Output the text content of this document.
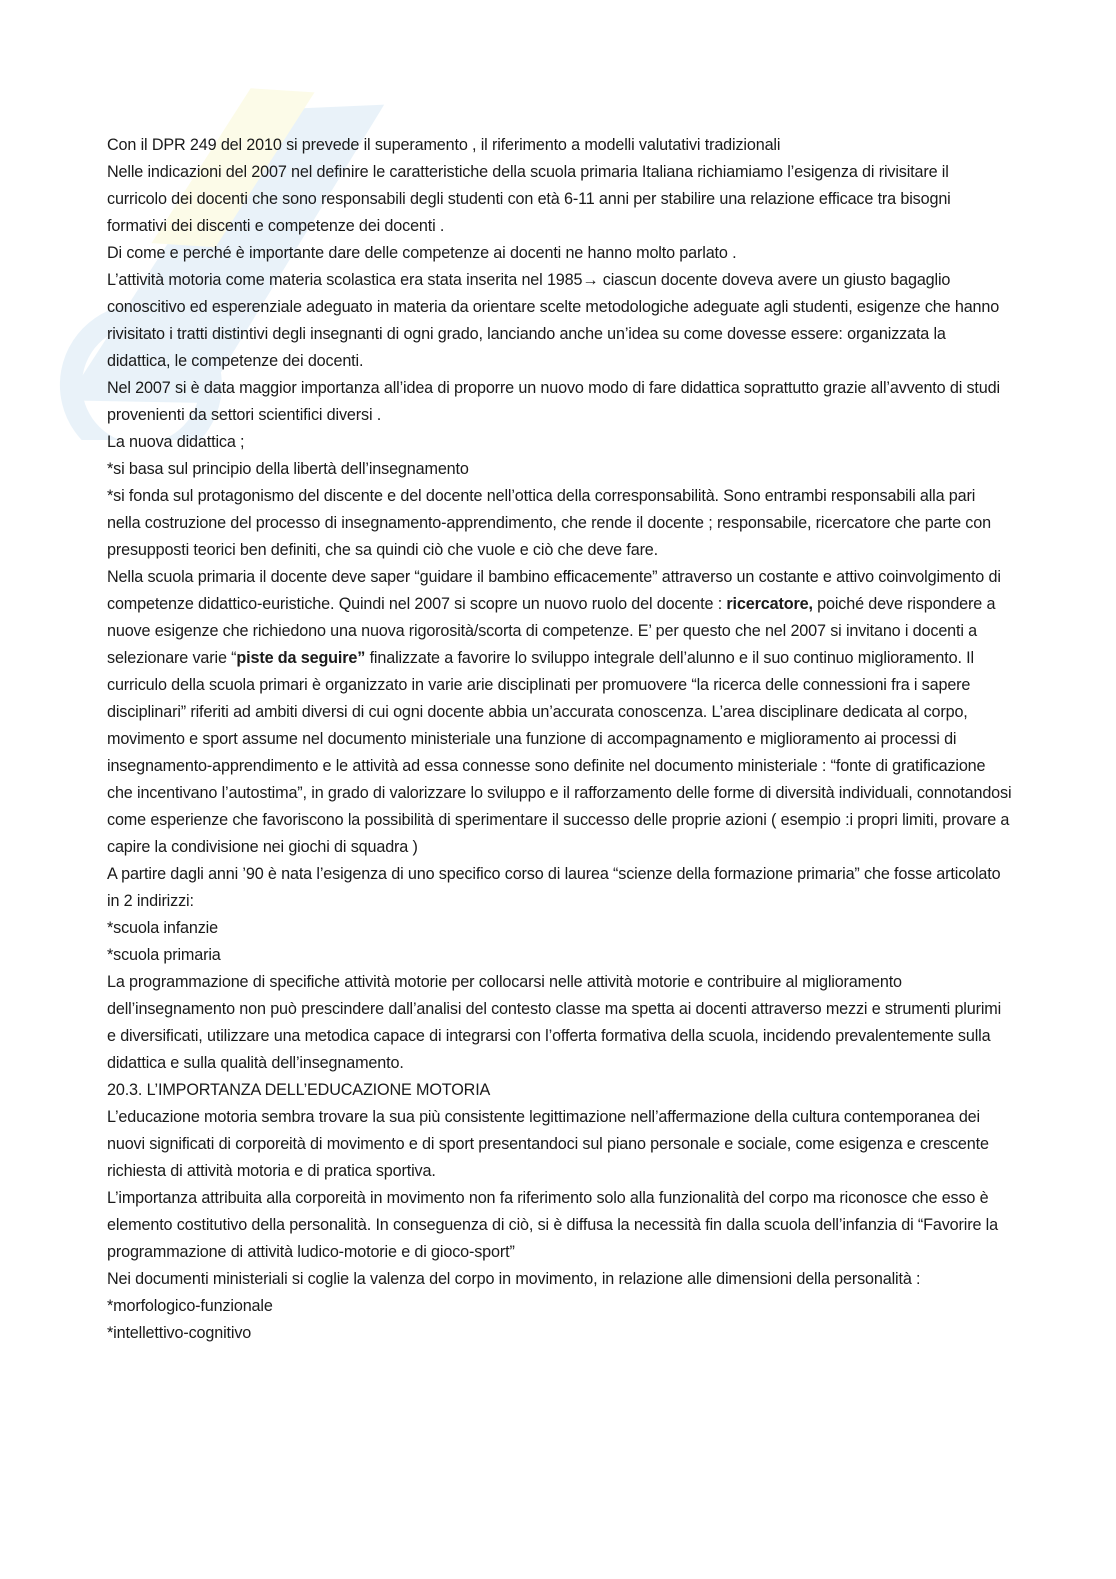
Con il DPR 249 del 2010 si prevede il superamento , il riferimento a modelli valutativi tradizionali

Nelle indicazioni del 2007 nel definire le caratteristiche della scuola primaria Italiana richiamiamo l’esigenza di rivisitare il curricolo dei docenti che sono responsabili degli studenti con età 6-11 anni per stabilire una relazione efficace tra bisogni formativi dei discenti e competenze dei docenti .

Di come e perché è importante dare delle competenze ai docenti ne hanno molto parlato .

L’attività motoria come materia scolastica era stata inserita nel 1985→ ciascun docente doveva avere un giusto bagaglio conoscitivo ed esperenziale adeguato in materia da orientare scelte metodologiche adeguate agli studenti, esigenze che hanno rivisitato i tratti distintivi degli insegnanti di ogni grado, lanciando anche un’idea su come dovesse essere: organizzata la didattica, le competenze dei docenti.

Nel 2007 si è data maggior importanza all’idea di proporre un nuovo modo di fare didattica soprattutto grazie all’avvento di studi provenienti da settori scientifici diversi .

La nuova didattica ;

*si basa sul principio della libertà dell’insegnamento

*si fonda sul protagonismo del discente e del docente nell’ottica della corresponsabilità. Sono entrambi responsabili alla pari nella costruzione del processo di insegnamento-apprendimento, che rende il docente ; responsabile, ricercatore che parte con presupposti teorici ben definiti, che sa quindi ciò che vuole e ciò che deve fare.

Nella scuola primaria il docente deve saper “guidare il bambino efficacemente” attraverso un costante e attivo coinvolgimento di competenze didattico-euristiche. Quindi nel 2007 si scopre un nuovo ruolo del docente : ricercatore, poiché deve rispondere a nuove esigenze che richiedono una nuova rigorosità/scorta di competenze. E’ per questo che nel 2007 si invitano i docenti a selezionare varie “piste da seguire” finalizzate a favorire lo sviluppo integrale dell’alunno e il suo continuo miglioramento. Il curriculo della scuola primari è organizzato in varie arie disciplinati per promuovere “la ricerca delle connessioni fra i sapere disciplinari” riferiti ad ambiti diversi di cui ogni docente abbia un’accurata conoscenza. L’area disciplinare dedicata al corpo, movimento e sport assume nel documento ministeriale una funzione di accompagnamento e miglioramento ai processi di insegnamento-apprendimento e le attività ad essa connesse sono definite nel documento ministeriale : “fonte di gratificazione che incentivano l’autostima”, in grado di valorizzare lo sviluppo e il rafforzamento delle forme di diversità individuali, connotandosi come esperienze che favoriscono la possibilità di sperimentare il successo delle proprie azioni ( esempio :i propri limiti, provare a capire la condivisione nei giochi di squadra )

A partire dagli anni ’90 è nata l’esigenza di uno specifico corso di laurea “scienze della formazione primaria” che fosse articolato in 2 indirizzi:

*scuola infanzie

*scuola primaria

La programmazione di specifiche attività motorie per collocarsi nelle attività motorie e contribuire al miglioramento dell’insegnamento non può prescindere dall’analisi del contesto classe ma spetta ai docenti attraverso mezzi e strumenti plurimi e diversificati, utilizzare una metodica capace di integrarsi con l’offerta formativa della scuola, incidendo prevalentemente sulla didattica e sulla qualità dell’insegnamento.

20.3. L’IMPORTANZA DELL’EDUCAZIONE MOTORIA

L’educazione motoria sembra trovare la sua più consistente legittimazione nell’affermazione della cultura contemporanea dei nuovi significati di corporeità di movimento e di sport presentandoci sul piano personale e sociale, come esigenza e crescente richiesta di attività motoria e di pratica sportiva.

L’importanza attribuita alla corporeità in movimento non fa riferimento solo alla funzionalità del corpo ma riconosce che esso è elemento costitutivo della personalità. In conseguenza di ciò, si è diffusa la necessità fin dalla scuola dell’infanzia di “Favorire la programmazione di attività ludico-motorie e di gioco-sport”

Nei documenti ministeriali si coglie la valenza del corpo in movimento, in relazione alle dimensioni della personalità :

*morfologico-funzionale

*intellettivo-cognitivo
